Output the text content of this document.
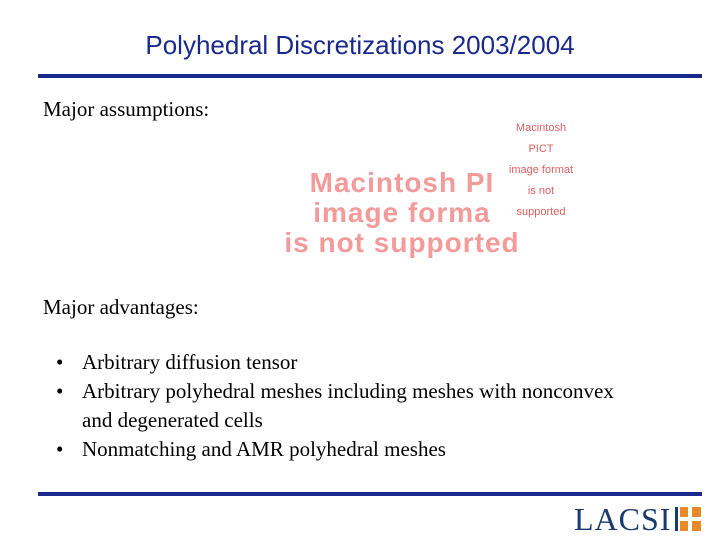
Polyhedral Discretizations 2003/2004
Major assumptions:
Macintosh PICT
image format
is not supported
Macintosh PI
image forma
is not supported
Major advantages:
• Arbitrary diffusion tensor
• Arbitrary polyhedral meshes including meshes with nonconvex
and degenerated cells
• Nonmatching and AMR polyhedral meshes
LACSI
